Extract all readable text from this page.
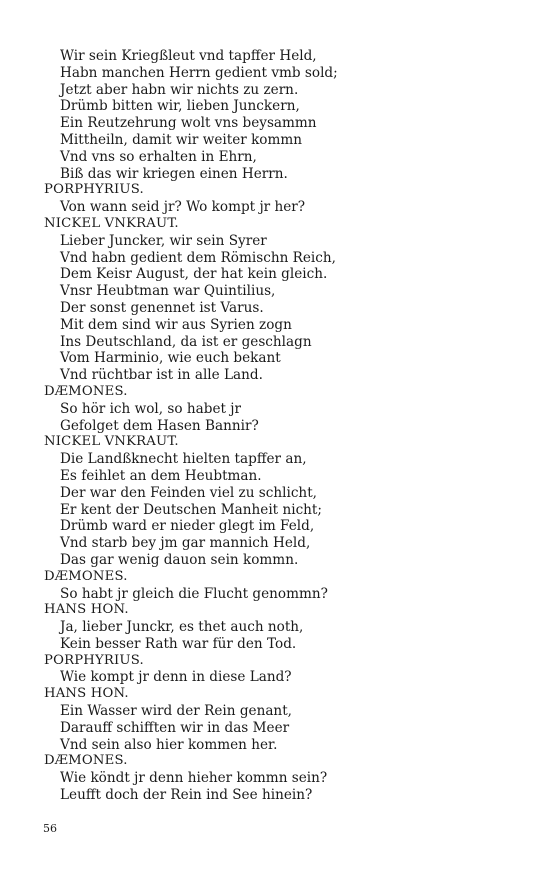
Wir sein Kriegßleut vnd tapffer Held,
Habn manchen Herrn gedient vmb sold;
Jetzt aber habn wir nichts zu zern.
Drümb bitten wir, lieben Junckern,
Ein Reutzehrung wolt vns beysammn
Mittheiln, damit wir weiter kommn
Vnd vns so erhalten in Ehrn,
Biß das wir kriegen einen Herrn.
PORPHYRIUS.
Von wann seid jr? Wo kompt jr her?
NICKEL VNKRAUT.
Lieber Juncker, wir sein Syrer
Vnd habn gedient dem Römischn Reich,
Dem Keisr August, der hat kein gleich.
Vnsr Heubtman war Quintilius,
Der sonst genennet ist Varus.
Mit dem sind wir aus Syrien zogn
Ins Deutschland, da ist er geschlagn
Vom Harminio, wie euch bekant
Vnd rüchtbar ist in alle Land.
DÆMONES.
So hör ich wol, so habet jr
Gefolget dem Hasen Bannir?
NICKEL VNKRAUT.
Die Landßknecht hielten tapffer an,
Es feihlet an dem Heubtman.
Der war den Feinden viel zu schlicht,
Er kent der Deutschen Manheit nicht;
Drümb ward er nieder glegt im Feld,
Vnd starb bey jm gar mannich Held,
Das gar wenig dauon sein kommn.
DÆMONES.
So habt jr gleich die Flucht genommn?
HANS HON.
Ja, lieber Junckr, es thet auch noth,
Kein besser Rath war für den Tod.
PORPHYRIUS.
Wie kompt jr denn in diese Land?
HANS HON.
Ein Wasser wird der Rein genant,
Darauff schifften wir in das Meer
Vnd sein also hier kommen her.
DÆMONES.
Wie köndt jr denn hieher kommn sein?
Leufft doch der Rein ind See hinein?
56
